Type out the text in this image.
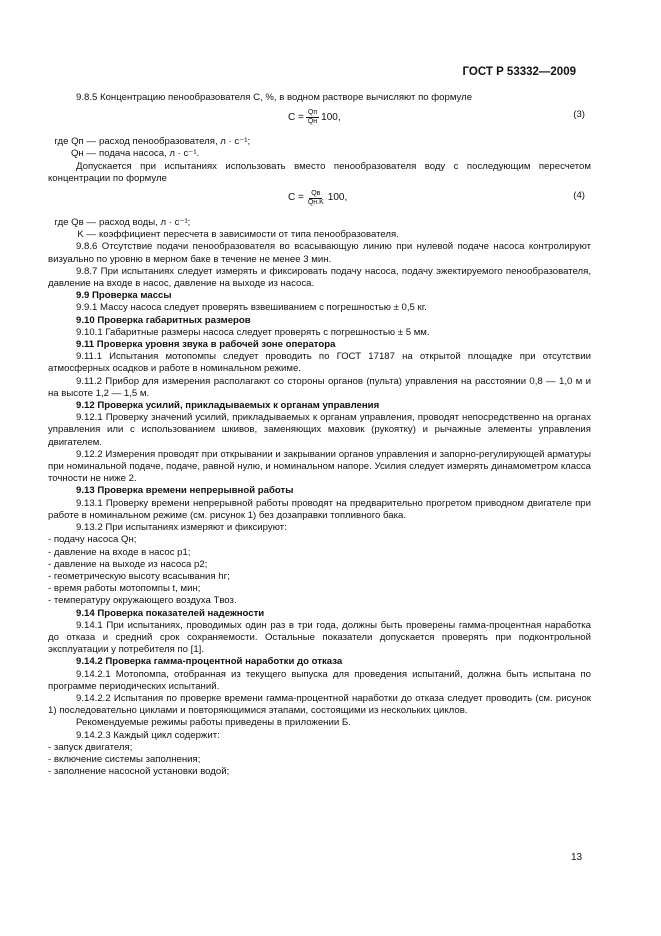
ГОСТ Р 53332—2009

9.8.5 Концентрацию пенообразователя C, %, в водном растворе вычисляют по формуле

$C = \frac{Qп}{Qн} 100$,	(3)
где Qп — расход пенообразователя, л · с⁻¹;
Qн — подача насоса, л · с⁻¹.

Допускается при испытаниях использовать вместо пенообразователя воду с последующим пересчетом концентрации по формуле

$C = \frac{Qв}{Qн.K} 100$,	(4)
где Qв — расход воды, л · с⁻¹;
K — коэффициент пересчета в зависимости от типа пенообразователя.

9.8.6 Отсутствие подачи пенообразователя во всасывающую линию при нулевой подаче насоса контролируют визуально по уровню в мерном баке в течение не менее 3 мин.

9.8.7 При испытаниях следует измерять и фиксировать подачу насоса, подачу эжектируемого пенообразователя, давление на входе в насос, давление на выходе из насоса.

9.9 Проверка массы

9.9.1 Массу насоса следует проверять взвешиванием с погрешностью ± 0,5 кг.

9.10 Проверка габаритных размеров

9.10.1 Габаритные размеры насоса следует проверять с погрешностью ± 5 мм.

9.11 Проверка уровня звука в рабочей зоне оператора

9.11.1 Испытания мотопомпы следует проводить по ГОСТ 17187 на открытой площадке при отсутствии атмосферных осадков и работе в номинальном режиме.

9.11.2 Прибор для измерения располагают со стороны органов (пульта) управления на расстоянии 0,8 — 1,0 м и на высоте 1,2 — 1,5 м.

9.12 Проверка усилий, прикладываемых к органам управления

9.12.1 Проверку значений усилий, прикладываемых к органам управления, проводят непосредственно на органах управления или с использованием шкивов, заменяющих маховик (рукоятку) и рычажные элементы управления двигателем.

9.12.2 Измерения проводят при открывании и закрывании органов управления и запорно-регулирующей арматуры при номинальной подаче, подаче, равной нулю, и номинальном напоре. Усилия следует измерять динамометром класса точности не ниже 2.

9.13 Проверка времени непрерывной работы

9.13.1 Проверку времени непрерывной работы проводят на предварительно прогретом приводном двигателе при работе в номинальном режиме (см. рисунок 1) без дозаправки топливного бака.

9.13.2 При испытаниях измеряют и фиксируют:

- подачу насоса Qн;

- давление на входе в насос p1;

- давление на выходе из насоса p2;

- геометрическую высоту всасывания hг;

- время работы мотопомпы t, мин;

- температуру окружающего воздуха Tвоз.

9.14 Проверка показателей надежности

9.14.1 При испытаниях, проводимых один раз в три года, должны быть проверены гамма-процентная наработка до отказа и средний срок сохраняемости. Остальные показатели допускается проверять при подконтрольной эксплуатации у потребителя по [1].

9.14.2 Проверка гамма-процентной наработки до отказа

9.14.2.1 Мотопомпа, отобранная из текущего выпуска для проведения испытаний, должна быть испытана по программе периодических испытаний.

9.14.2.2 Испытания по проверке времени гамма-процентной наработки до отказа следует проводить (см. рисунок 1) последовательно циклами и повторяющимися этапами, состоящими из нескольких циклов.

Рекомендуемые режимы работы приведены в приложении Б.

9.14.2.3 Каждый цикл содержит:

- запуск двигателя;

- включение системы заполнения;

- заполнение насосной установки водой;

13
